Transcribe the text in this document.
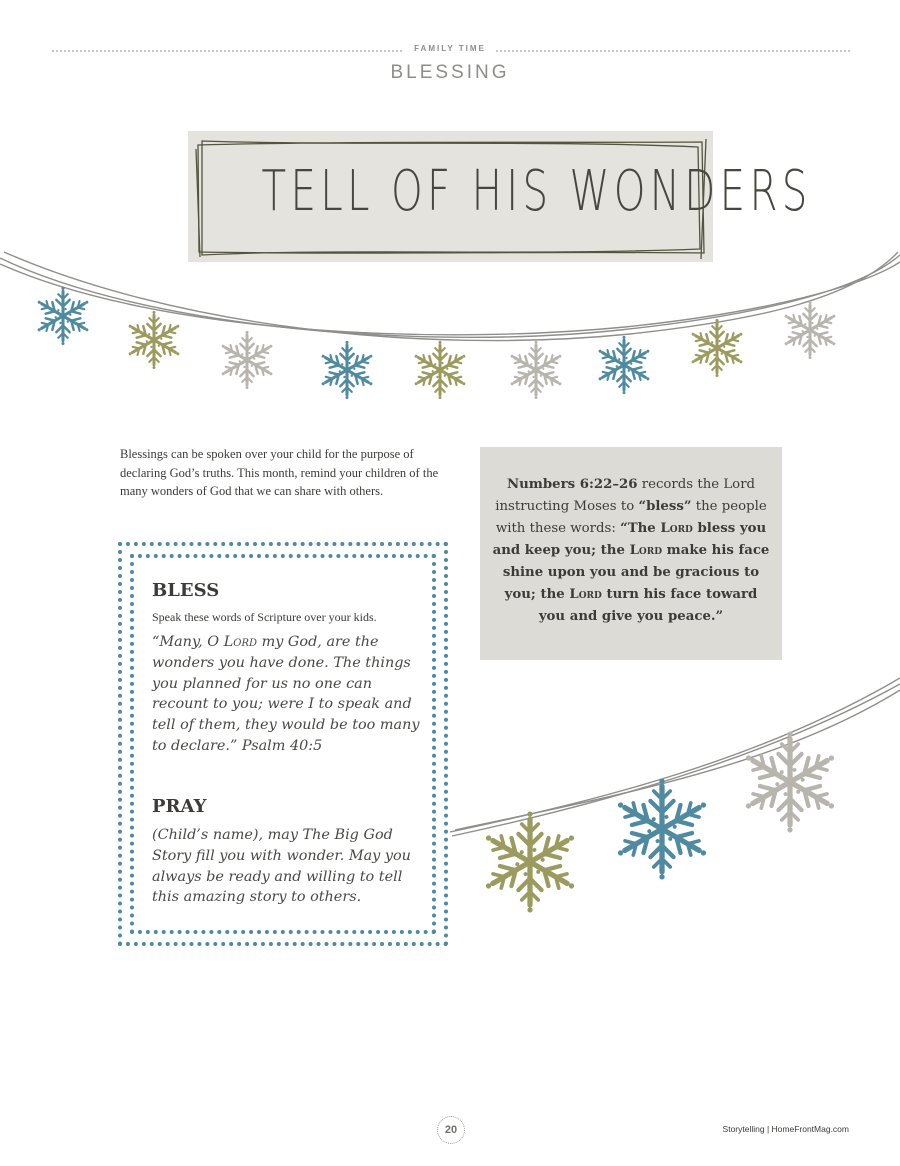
FAMILY TIME
BLESSING
TELL OF HIS WONDERS
Blessings can be spoken over your child for the purpose of declaring God’s truths. This month, remind your children of the many wonders of God that we can share with others.
BLESS
Speak these words of Scripture over your kids.
“Many, O Lord my God, are the wonders you have done. The things you planned for us no one can recount to you; were I to speak and tell of them, they would be too many to declare.” Psalm 40:5
PRAY
(Child’s name), may The Big God Story fill you with wonder. May you always be ready and willing to tell this amazing story to others.
Numbers 6:22–26 records the Lord instructing Moses to “bless” the people with these words: “The Lord bless you and keep you; the Lord make his face shine upon you and be gracious to you; the Lord turn his face toward you and give you peace.”
20	Storytelling | HomeFrontMag.com
